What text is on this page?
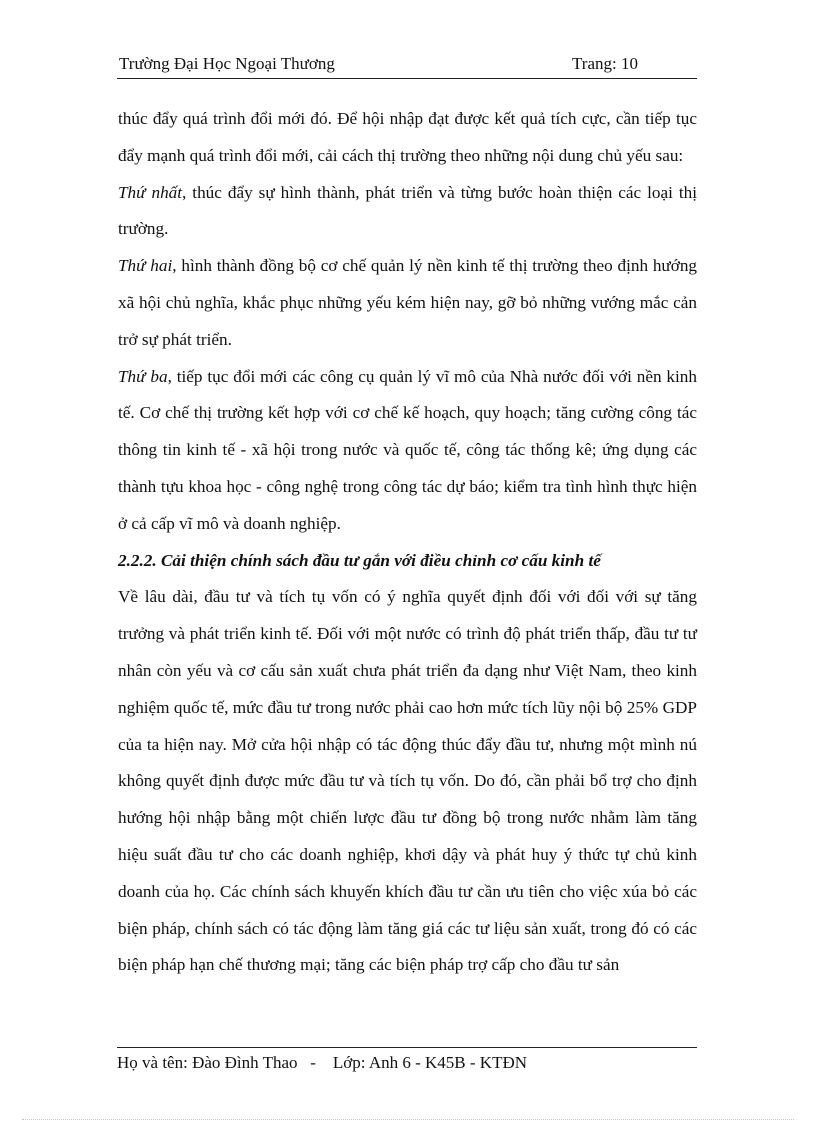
Trường Đại Học Ngoại Thương	Trang: 10

thúc đẩy quá trình đổi mới đó. Để hội nhập đạt được kết quả tích cực, cần tiếp tục đẩy mạnh quá trình đổi mới, cải cách thị trường theo những nội dung chủ yếu sau:

Thứ nhất, thúc đẩy sự hình thành, phát triển và từng bước hoàn thiện các loại thị trường.

Thứ hai, hình thành đồng bộ cơ chế quản lý nền kinh tế thị trường theo định hướng xã hội chủ nghĩa, khắc phục những yếu kém hiện nay, gỡ bỏ những vướng mắc cản trở sự phát triển.

Thứ ba, tiếp tục đổi mới các công cụ quản lý vĩ mô của Nhà nước đối với nền kinh tế. Cơ chế thị trường kết hợp với cơ chế kế hoạch, quy hoạch; tăng cường công tác thông tin kinh tế - xã hội trong nước và quốc tế, công tác thống kê; ứng dụng các thành tựu khoa học - công nghệ trong công tác dự báo; kiểm tra tình hình thực hiện ở cả cấp vĩ mô và doanh nghiệp.

2.2.2. Cải thiện chính sách đầu tư gắn với điều chỉnh cơ cấu kinh tế

Về lâu dài, đầu tư và tích tụ vốn có ý nghĩa quyết định đối với đối với sự tăng trưởng và phát triển kinh tế. Đối với một nước có trình độ phát triển thấp, đầu tư tư nhân còn yếu và cơ cấu sản xuất chưa phát triển đa dạng như Việt Nam, theo kinh nghiệm quốc tế, mức đầu tư trong nước phải cao hơn mức tích lũy nội bộ 25% GDP của ta hiện nay. Mở cửa hội nhập có tác động thúc đẩy đầu tư, nhưng một mình nú không quyết định được mức đầu tư và tích tụ vốn. Do đó, cần phải bổ trợ cho định hướng hội nhập bằng một chiến lược đầu tư đồng bộ trong nước nhằm làm tăng hiệu suất đầu tư cho các doanh nghiệp, khơi dậy và phát huy ý thức tự chủ kinh doanh của họ. Các chính sách khuyến khích đầu tư cần ưu tiên cho việc xúa bỏ các biện pháp, chính sách có tác động làm tăng giá các tư liệu sản xuất, trong đó có các biện pháp hạn chế thương mại; tăng các biện pháp trợ cấp cho đầu tư sản

Họ và tên: Đào Đình Thao   -    Lớp: Anh 6 - K45B - KTĐN
